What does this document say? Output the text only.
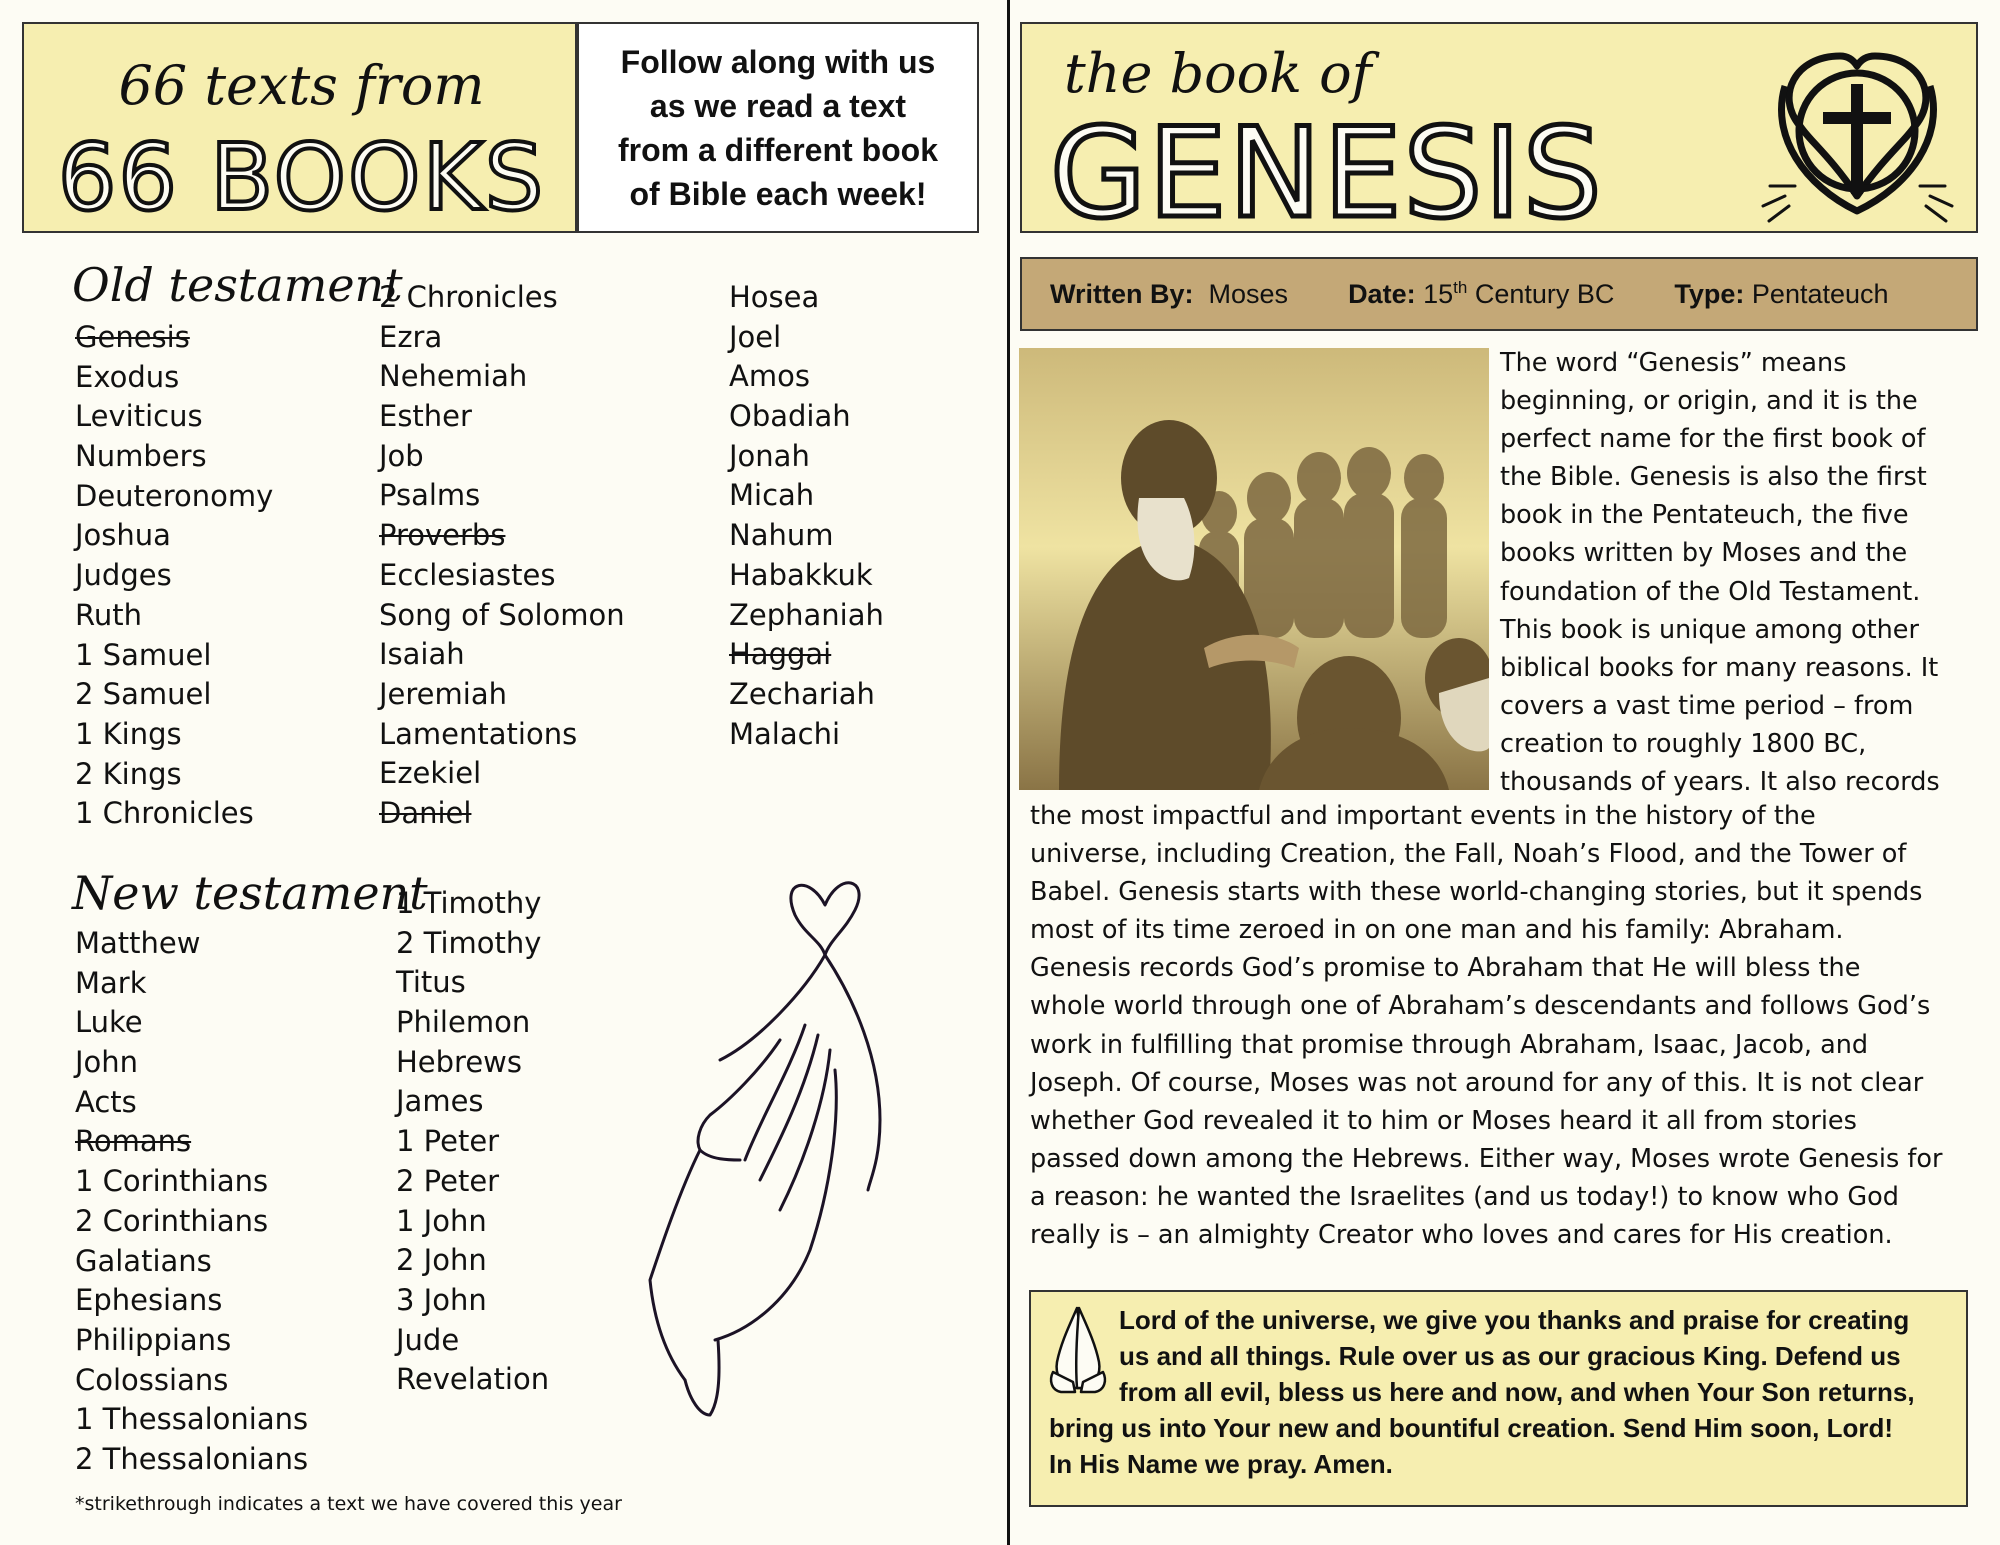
66 texts from
66 BOOKS
Follow along with us
as we read a text
from a different book
of Bible each week!
Old testament
Genesis
Exodus
Leviticus
Numbers
Deuteronomy
Joshua
Judges
Ruth
1 Samuel
2 Samuel
1 Kings
2 Kings
1 Chronicles
2 Chronicles
Ezra
Nehemiah
Esther
Job
Psalms
Proverbs
Ecclesiastes
Song of Solomon
Isaiah
Jeremiah
Lamentations
Ezekiel
Daniel
Hosea
Joel
Amos
Obadiah
Jonah
Micah
Nahum
Habakkuk
Zephaniah
Haggai
Zechariah
Malachi
New testament
Matthew
Mark
Luke
John
Acts
Romans
1 Corinthians
2 Corinthians
Galatians
Ephesians
Philippians
Colossians
1 Thessalonians
2 Thessalonians
1 Timothy
2 Timothy
Titus
Philemon
Hebrews
James
1 Peter
2 Peter
1 John
2 John
3 John
Jude
Revelation
*strikethrough indicates a text we have covered this year
the book of
GENESIS
Written By: Moses Date: 15th Century BC Type: Pentateuch
The word “Genesis” means
beginning, or origin, and it is the
perfect name for the first book of
the Bible. Genesis is also the first
book in the Pentateuch, the five
books written by Moses and the
foundation of the Old Testament.
This book is unique among other
biblical books for many reasons. It
covers a vast time period – from
creation to roughly 1800 BC,
thousands of years. It also records
the most impactful and important events in the history of the
universe, including Creation, the Fall, Noah’s Flood, and the Tower of
Babel. Genesis starts with these world-changing stories, but it spends
most of its time zeroed in on one man and his family: Abraham.
Genesis records God’s promise to Abraham that He will bless the
whole world through one of Abraham’s descendants and follows God’s
work in fulfilling that promise through Abraham, Isaac, Jacob, and
Joseph. Of course, Moses was not around for any of this. It is not clear
whether God revealed it to him or Moses heard it all from stories
passed down among the Hebrews. Either way, Moses wrote Genesis for
a reason: he wanted the Israelites (and us today!) to know who God
really is – an almighty Creator who loves and cares for His creation.
Lord of the universe, we give you thanks and praise for creating
us and all things. Rule over us as our gracious King. Defend us
from all evil, bless us here and now, and when Your Son returns,
bring us into Your new and bountiful creation. Send Him soon, Lord!
In His Name we pray. Amen.
